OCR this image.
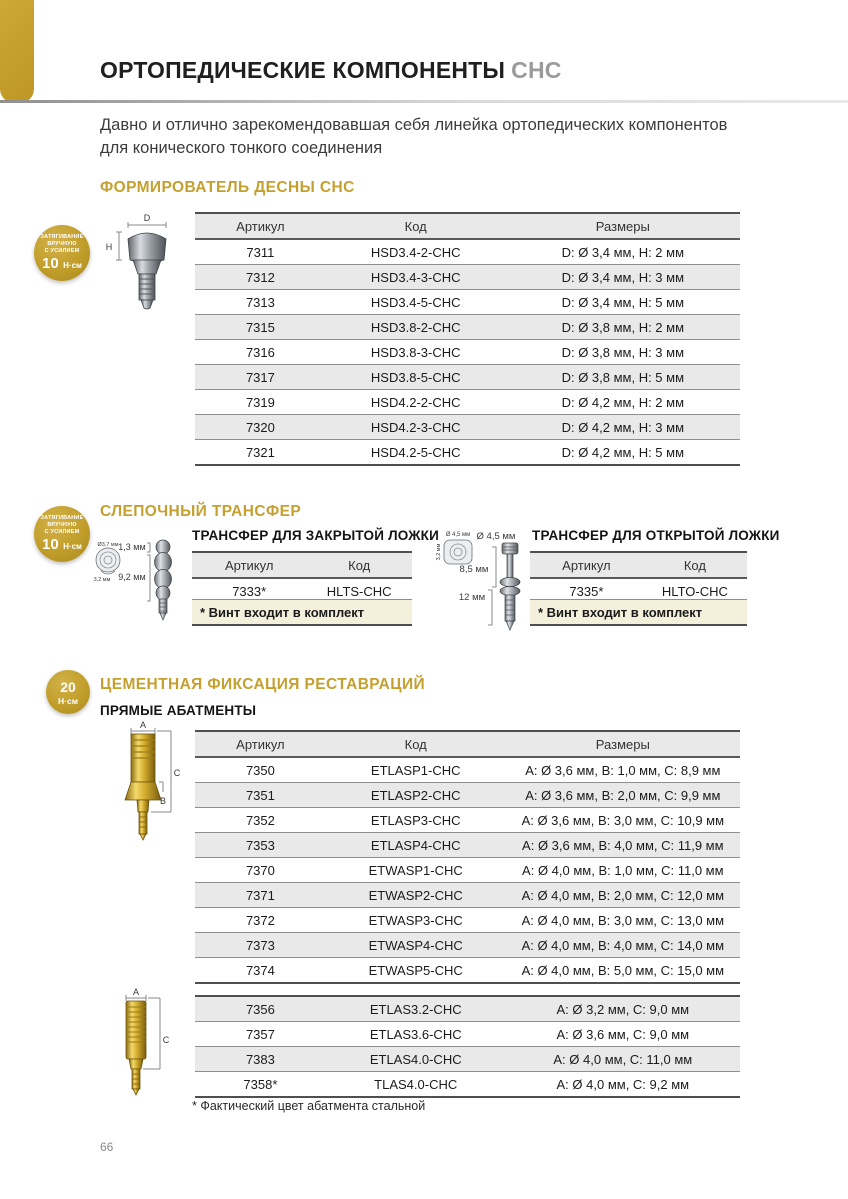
ОРТОПЕДИЧЕСКИЕ КОМПОНЕНТЫ CHC
Давно и отлично зарекомендовавшая себя линейка ортопедических компонентов
для конического тонкого соединения
ФОРМИРОВАТЕЛЬ ДЕСНЫ CHC
ЗАТЯГИВАНИЕ
ВРУЧНУЮ
С УСИЛИЕМ
10 Н·см
D
H
Артикул	Код	Размеры
7311	HSD3.4-2-CHC	D: Ø 3,4 мм, H: 2 мм
7312	HSD3.4-3-CHC	D: Ø 3,4 мм, H: 3 мм
7313	HSD3.4-5-CHC	D: Ø 3,4 мм, H: 5 мм
7315	HSD3.8-2-CHC	D: Ø 3,8 мм, H: 2 мм
7316	HSD3.8-3-CHC	D: Ø 3,8 мм, H: 3 мм
7317	HSD3.8-5-CHC	D: Ø 3,8 мм, H: 5 мм
7319	HSD4.2-2-CHC	D: Ø 4,2 мм, H: 2 мм
7320	HSD4.2-3-CHC	D: Ø 4,2 мм, H: 3 мм
7321	HSD4.2-5-CHC	D: Ø 4,2 мм, H: 5 мм
ЗАТЯГИВАНИЕ
ВРУЧНУЮ
С УСИЛИЕМ
10 Н·см
СЛЕПОЧНЫЙ ТРАНСФЕР
ТРАНСФЕР ДЛЯ ЗАКРЫТОЙ ЛОЖКИ
Ø3,7 мм
3,2 мм
1,3 мм
9,2 мм
Артикул	Код
7333*	HLTS-CHC
* Винт входит в комплект
ТРАНСФЕР ДЛЯ ОТКРЫТОЙ ЛОЖКИ
Ø 4,5 мм
3,2 мм
Ø 4,5 мм
8,5 мм
12 мм
Артикул	Код
7335*	HLTO-CHC
* Винт входит в комплект
20
Н·см
ЦЕМЕНТНАЯ ФИКСАЦИЯ РЕСТАВРАЦИЙ
ПРЯМЫЕ АБАТМЕНТЫ
A
C
B
Артикул	Код	Размеры
7350	ETLASP1-CHC	A: Ø 3,6 мм, B: 1,0 мм, C: 8,9 мм
7351	ETLASP2-CHC	A: Ø 3,6 мм, B: 2,0 мм, C: 9,9 мм
7352	ETLASP3-CHC	A: Ø 3,6 мм, B: 3,0 мм, C: 10,9 мм
7353	ETLASP4-CHC	A: Ø 3,6 мм, B: 4,0 мм, C: 11,9 мм
7370	ETWASP1-CHC	A: Ø 4,0 мм, B: 1,0 мм, C: 11,0 мм
7371	ETWASP2-CHC	A: Ø 4,0 мм, B: 2,0 мм, C: 12,0 мм
7372	ETWASP3-CHC	A: Ø 4,0 мм, B: 3,0 мм, C: 13,0 мм
7373	ETWASP4-CHC	A: Ø 4,0 мм, B: 4,0 мм, C: 14,0 мм
7374	ETWASP5-CHC	A: Ø 4,0 мм, B: 5,0 мм, C: 15,0 мм
A
C
7356	ETLAS3.2-CHC	A: Ø 3,2 мм, C: 9,0 мм
7357	ETLAS3.6-CHC	A: Ø 3,6 мм, C: 9,0 мм
7383	ETLAS4.0-CHC	A: Ø 4,0 мм, C: 11,0 мм
7358*	TLAS4.0-CHC	A: Ø 4,0 мм, C: 9,2 мм
* Фактический цвет абатмента стальной
66
